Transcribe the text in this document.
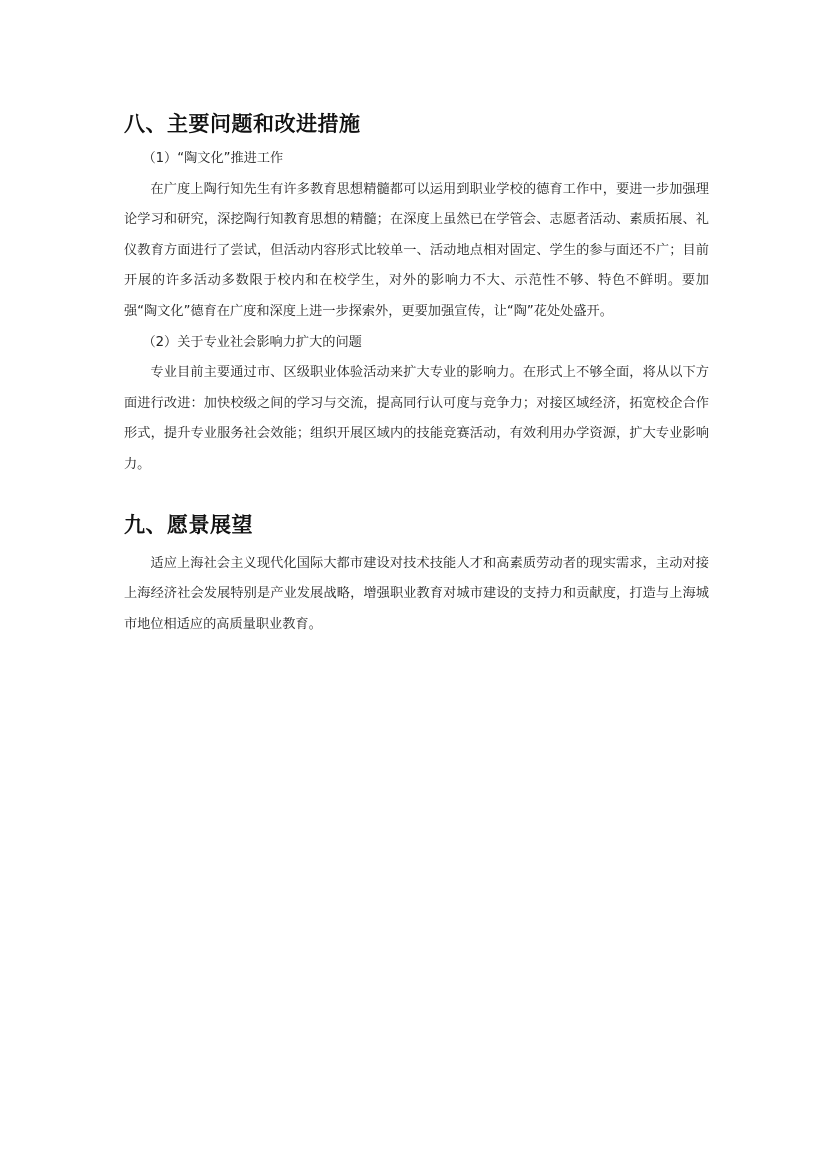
八、主要问题和改进措施

（1）“陶文化”推进工作

在广度上陶行知先生有许多教育思想精髓都可以运用到职业学校的德育工作中，要进一步加强理论学习和研究，深挖陶行知教育思想的精髓；在深度上虽然已在学管会、志愿者活动、素质拓展、礼仪教育方面进行了尝试，但活动内容形式比较单一、活动地点相对固定、学生的参与面还不广；目前开展的许多活动多数限于校内和在校学生，对外的影响力不大、示范性不够、特色不鲜明。要加强“陶文化”德育在广度和深度上进一步探索外，更要加强宣传，让“陶”花处处盛开。

（2）关于专业社会影响力扩大的问题

专业目前主要通过市、区级职业体验活动来扩大专业的影响力。在形式上不够全面，将从以下方面进行改进：加快校级之间的学习与交流，提高同行认可度与竞争力；对接区域经济，拓宽校企合作形式，提升专业服务社会效能；组织开展区域内的技能竞赛活动，有效利用办学资源，扩大专业影响力。

九、愿景展望

适应上海社会主义现代化国际大都市建设对技术技能人才和高素质劳动者的现实需求，主动对接上海经济社会发展特别是产业发展战略，增强职业教育对城市建设的支持力和贡献度，打造与上海城市地位相适应的高质量职业教育。
